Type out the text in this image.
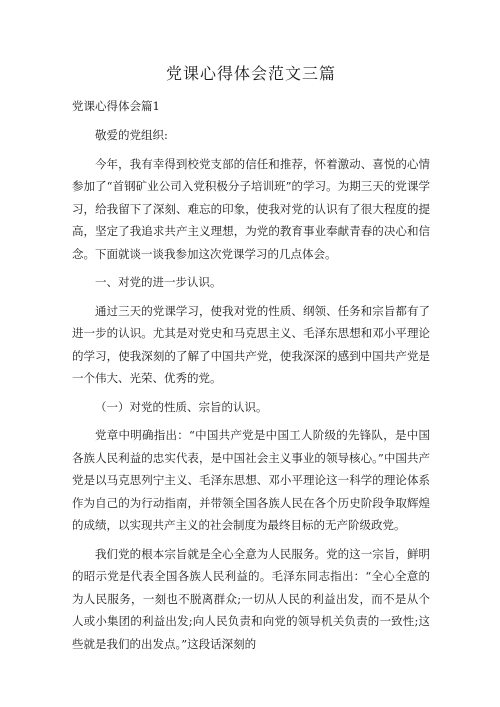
党课心得体会范文三篇

党课心得体会篇1

敬爱的党组织:

今年，我有幸得到校党支部的信任和推荐，怀着激动、喜悦的心情参加了“首钢矿业公司入党积极分子培训班”的学习。为期三天的党课学习，给我留下了深刻、难忘的印象，使我对党的认识有了很大程度的提高，坚定了我追求共产主义理想，为党的教育事业奉献青春的决心和信念。下面就谈一谈我参加这次党课学习的几点体会。

一、对党的进一步认识。

通过三天的党课学习，使我对党的性质、纲领、任务和宗旨都有了进一步的认识。尤其是对党史和马克思主义、毛泽东思想和邓小平理论的学习，使我深刻的了解了中国共产党，使我深深的感到中国共产党是一个伟大、光荣、优秀的党。

（一）对党的性质、宗旨的认识。

党章中明确指出：“中国共产党是中国工人阶级的先锋队，是中国各族人民利益的忠实代表，是中国社会主义事业的领导核心。”中国共产党是以马克思列宁主义、毛泽东思想、邓小平理论这一科学的理论体系作为自己的为行动指南，并带领全国各族人民在各个历史阶段争取辉煌的成绩，以实现共产主义的社会制度为最终目标的无产阶级政党。

我们党的根本宗旨就是全心全意为人民服务。党的这一宗旨，鲜明的昭示党是代表全国各族人民利益的。毛泽东同志指出：“全心全意的为人民服务，一刻也不脱离群众;一切从人民的利益出发，而不是从个人或小集团的利益出发;向人民负责和向党的领导机关负责的一致性;这些就是我们的出发点。”这段话深刻的
